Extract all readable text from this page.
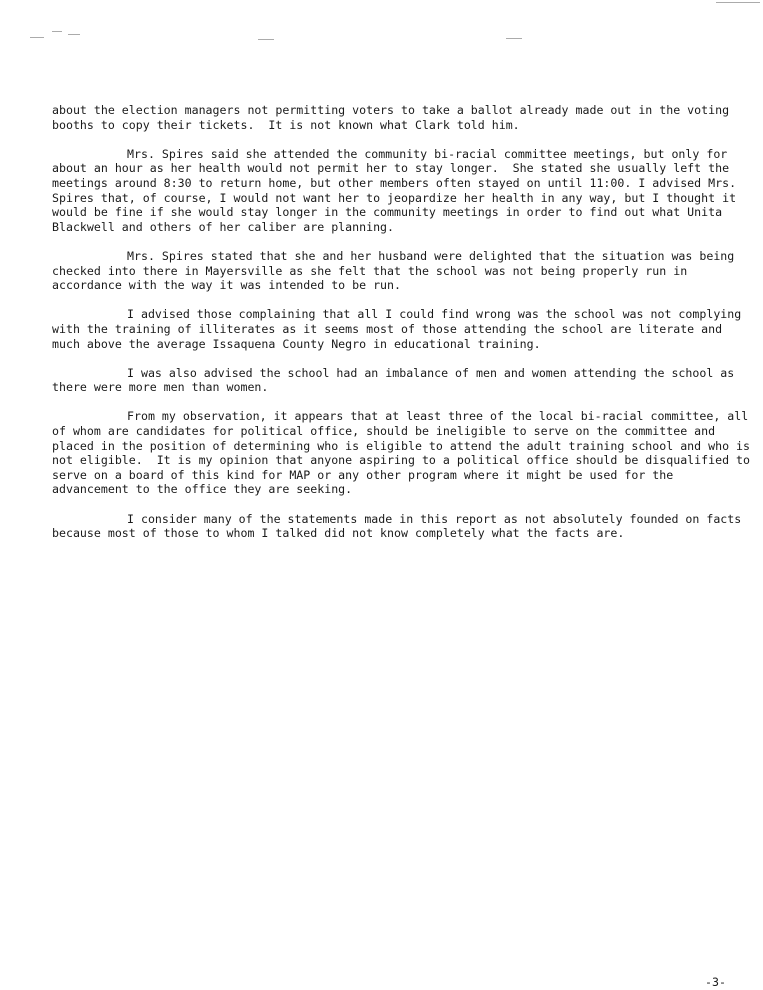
about the election managers not permitting voters to take a ballot already made out in the voting booths to copy their tickets.  It is not known what Clark told him.

Mrs. Spires said she attended the community bi-racial committee meetings, but only for about an hour as her health would not permit her to stay longer.  She stated she usually left the meetings around 8:30 to return home, but other members often stayed on until 11:00. I advised Mrs. Spires that, of course, I would not want her to jeopardize her health in any way, but I thought it would be fine if she would stay longer in the community meetings in order to find out what Unita Blackwell and others of her caliber are planning.

Mrs. Spires stated that she and her husband were delighted that the situation was being checked into there in Mayersville as she felt that the school was not being properly run in accordance with the way it was intended to be run.

I advised those complaining that all I could find wrong was the school was not complying with the training of illiterates as it seems most of those attending the school are literate and much above the average Issaquena County Negro in educational training.

I was also advised the school had an imbalance of men and women attending the school as there were more men than women.

From my observation, it appears that at least three of the local bi-racial committee, all of whom are candidates for political office, should be ineligible to serve on the committee and placed in the position of determining who is eligible to attend the adult training school and who is not eligible.  It is my opinion that anyone aspiring to a political office should be disqualified to serve on a board of this kind for MAP or any other program where it might be used for the advancement to the office they are seeking.

I consider many of the statements made in this report as not absolutely founded on facts because most of those to whom I talked did not know completely what the facts are.

-3-
